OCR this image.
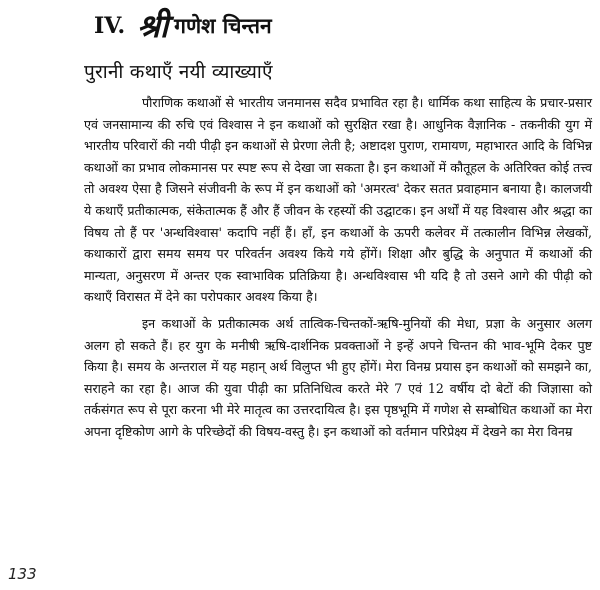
IV. श्री गणेश चिन्तन
पुरानी कथाएँ नयी व्याख्याएँ

पौराणिक कथाओं से भारतीय जनमानस सदैव प्रभावित रहा है। धार्मिक कथा साहित्य के प्रचार-प्रसार एवं जनसामान्य की रुचि एवं विश्वास ने इन कथाओं को सुरक्षित रखा है। आधुनिक वैज्ञानिक - तकनीकी युग में भारतीय परिवारों की नयी पीढ़ी इन कथाओं से प्रेरणा लेती है; अष्टादश पुराण, रामायण, महाभारत आदि के विभिन्न कथाओं का प्रभाव लोकमानस पर स्पष्ट रूप से देखा जा सकता है। इन कथाओं में कौतूहल के अतिरिक्त कोई तत्त्व तो अवश्य ऐसा है जिसने संजीवनी के रूप में इन कथाओं को 'अमरत्व' देकर सतत प्रवाहमान बनाया है। कालजयी ये कथाएँ प्रतीकात्मक, संकेतात्मक हैं और हैं जीवन के रहस्यों की उद्घाटक। इन अर्थों में यह विश्वास और श्रद्धा का विषय तो हैं पर 'अन्धविश्वास' कदापि नहीं हैं। हाँ, इन कथाओं के ऊपरी कलेवर में तत्कालीन विभिन्न लेखकों, कथाकारों द्वारा समय समय पर परिवर्तन अवश्य किये गये होंगें। शिक्षा और बुद्धि के अनुपात में कथाओं की मान्यता, अनुसरण में अन्तर एक स्वाभाविक प्रतिक्रिया है। अन्धविश्वास भी यदि है तो उसने आगे की पीढ़ी को कथाएँ विरासत में देने का परोपकार अवश्य किया है।

इन कथाओं के प्रतीकात्मक अर्थ तात्विक-चिन्तकों-ऋषि-मुनियों की मेधा, प्रज्ञा के अनुसार अलग अलग हो सकते हैं। हर युग के मनीषी ऋषि-दार्शनिक प्रवक्ताओं ने इन्हें अपने चिन्तन की भाव-भूमि देकर पुष्ट किया है। समय के अन्तराल में यह महान् अर्थ विलुप्त भी हुए होंगें। मेरा विनम्र प्रयास इन कथाओं को समझने का, सराहने का रहा है। आज की युवा पीढ़ी का प्रतिनिधित्व करते मेरे 7 एवं 12 वर्षीय दो बेटों की जिज्ञासा को तर्कसंगत रूप से पूरा करना भी मेरे मातृत्व का उत्तरदायित्व है। इस पृष्ठभूमि में गणेश से सम्बोधित कथाओं का मेरा अपना दृष्टिकोण आगे के परिच्छेदों की विषय-वस्तु है। इन कथाओं को वर्तमान परिप्रेक्ष्य में देखने का मेरा विनम्र

133
